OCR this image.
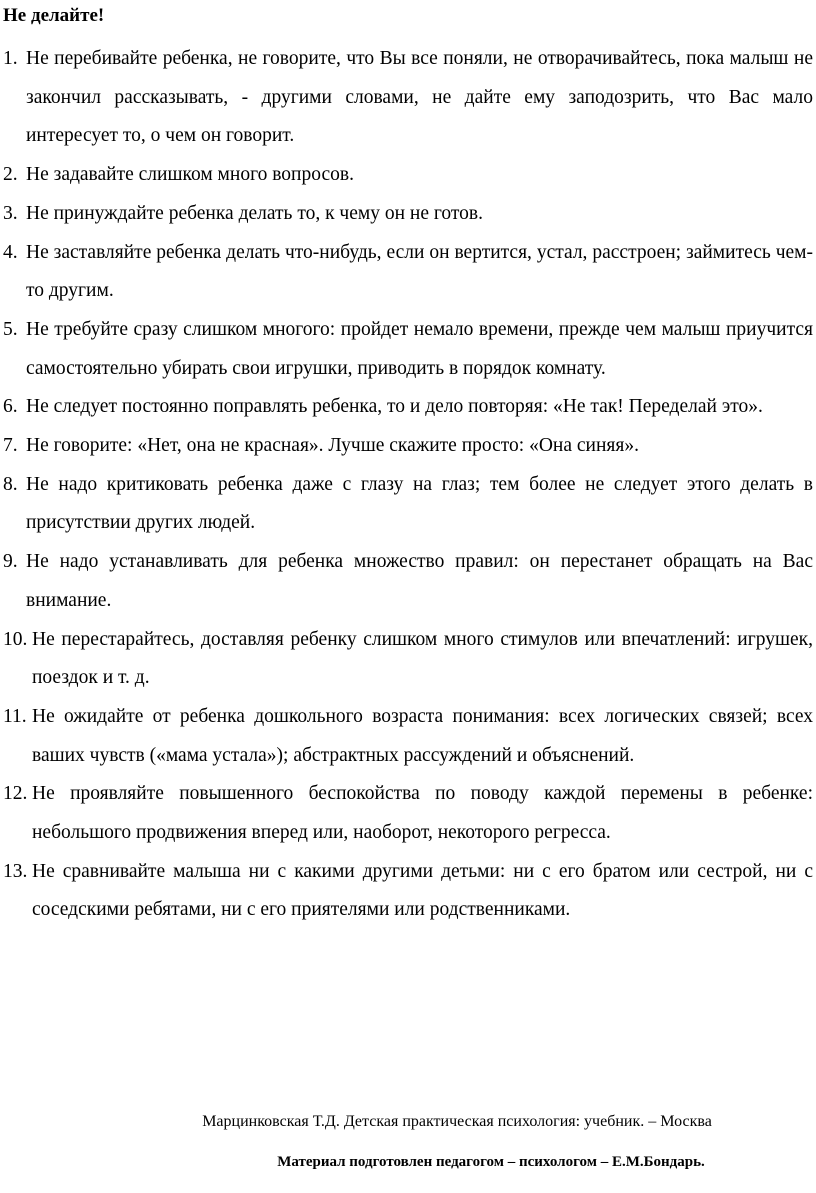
Не делайте!
1. Не перебивайте ребенка, не говорите, что Вы все поняли, не отворачивайтесь, пока малыш не закончил рассказывать, - другими словами, не дайте ему заподозрить, что Вас мало интересует то, о чем он говорит.
2. Не задавайте слишком много вопросов.
3. Не принуждайте ребенка делать то, к чему он не готов.
4. Не заставляйте ребенка делать что-нибудь, если он вертится, устал, расстроен; займитесь чем-то другим.
5. Не требуйте сразу слишком многого: пройдет немало времени, прежде чем малыш приучится самостоятельно убирать свои игрушки, приводить в порядок комнату.
6. Не следует постоянно поправлять ребенка, то и дело повторяя: «Не так! Переделай это».
7. Не говорите: «Нет, она не красная». Лучше скажите просто: «Она синяя».
8. Не надо критиковать ребенка даже с глазу на глаз; тем более не следует этого делать в присутствии других людей.
9. Не надо устанавливать для ребенка множество правил: он перестанет обращать на Вас внимание.
10. Не перестарайтесь, доставляя ребенку слишком много стимулов или впечатлений: игрушек, поездок и т. д.
11. Не ожидайте от ребенка дошкольного возраста понимания: всех логических связей; всех ваших чувств («мама устала»); абстрактных рассуждений и объяснений.
12. Не проявляйте повышенного беспокойства по поводу каждой перемены в ребенке: небольшого продвижения вперед или, наоборот, некоторого регресса.
13. Не сравнивайте малыша ни с какими другими детьми: ни с его братом или сестрой, ни с соседскими ребятами, ни с его приятелями или родственниками.

Марцинковская Т.Д. Детская практическая психология: учебник. – Москва

Материал подготовлен педагогом – психологом – Е.М.Бондарь.
